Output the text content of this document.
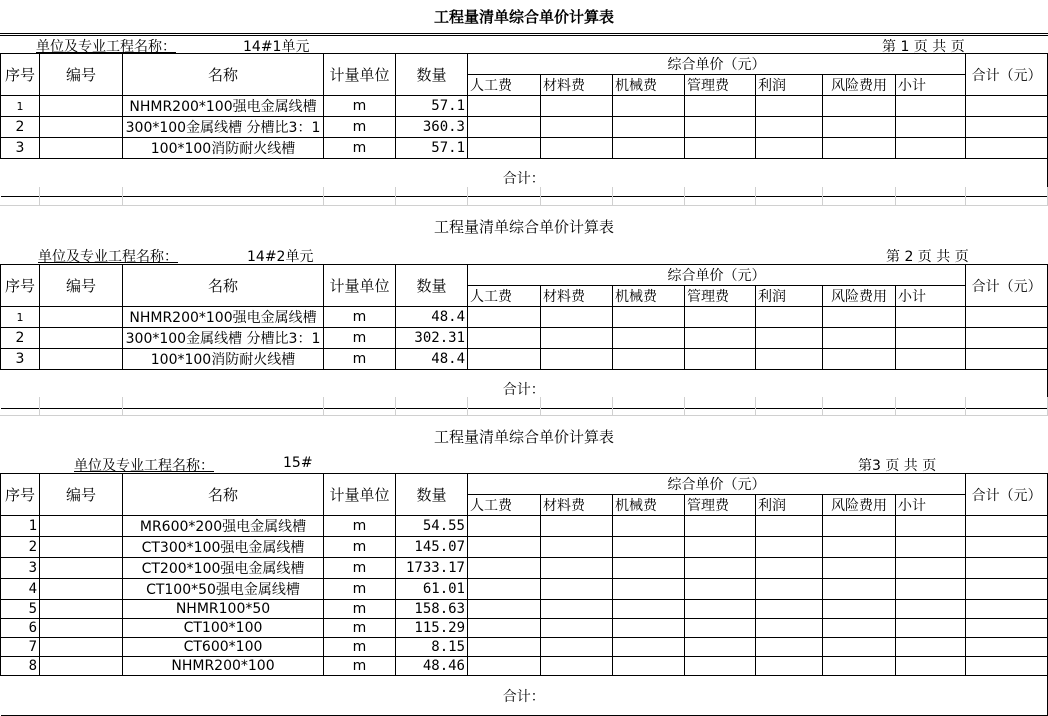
工程量清单综合单价计算表
单位及专业工程名称：	14#1单元	第 1 页 共 页
序号	编号	名称	计量单位	数量	综合单价（元）							合计（元）
					人工费	材料费	机械费	管理费	利润	风险费用	小计	
1		NHMR200*100强电金属线槽	m	57.1								
2		300*100金属线槽 分槽比3：1	m	360.3								
3		100*100消防耐火线槽	m	57.1								
合计：												
工程量清单综合单价计算表
单位及专业工程名称：	14#2单元	第 2 页 共 页
序号	编号	名称	计量单位	数量	综合单价（元）							合计（元）
					人工费	材料费	机械费	管理费	利润	风险费用	小计	
1		NHMR200*100强电金属线槽	m	48.4								
2		300*100金属线槽 分槽比3：1	m	302.31								
3		100*100消防耐火线槽	m	48.4								
合计：												
工程量清单综合单价计算表
单位及专业工程名称：	15#	第3 页 共 页
序号	编号	名称	计量单位	数量	综合单价（元）							合计（元）
					人工费	材料费	机械费	管理费	利润	风险费用	小计	
1		MR600*200强电金属线槽	m	54.55								
2		CT300*100强电金属线槽	m	145.07								
3		CT200*100强电金属线槽	m	1733.17								
4		CT100*50强电金属线槽	m	61.01								
5		NHMR100*50	m	158.63								
6		CT100*100	m	115.29								
7		CT600*100	m	8.15								
8		NHMR200*100	m	48.46								
合计：												
